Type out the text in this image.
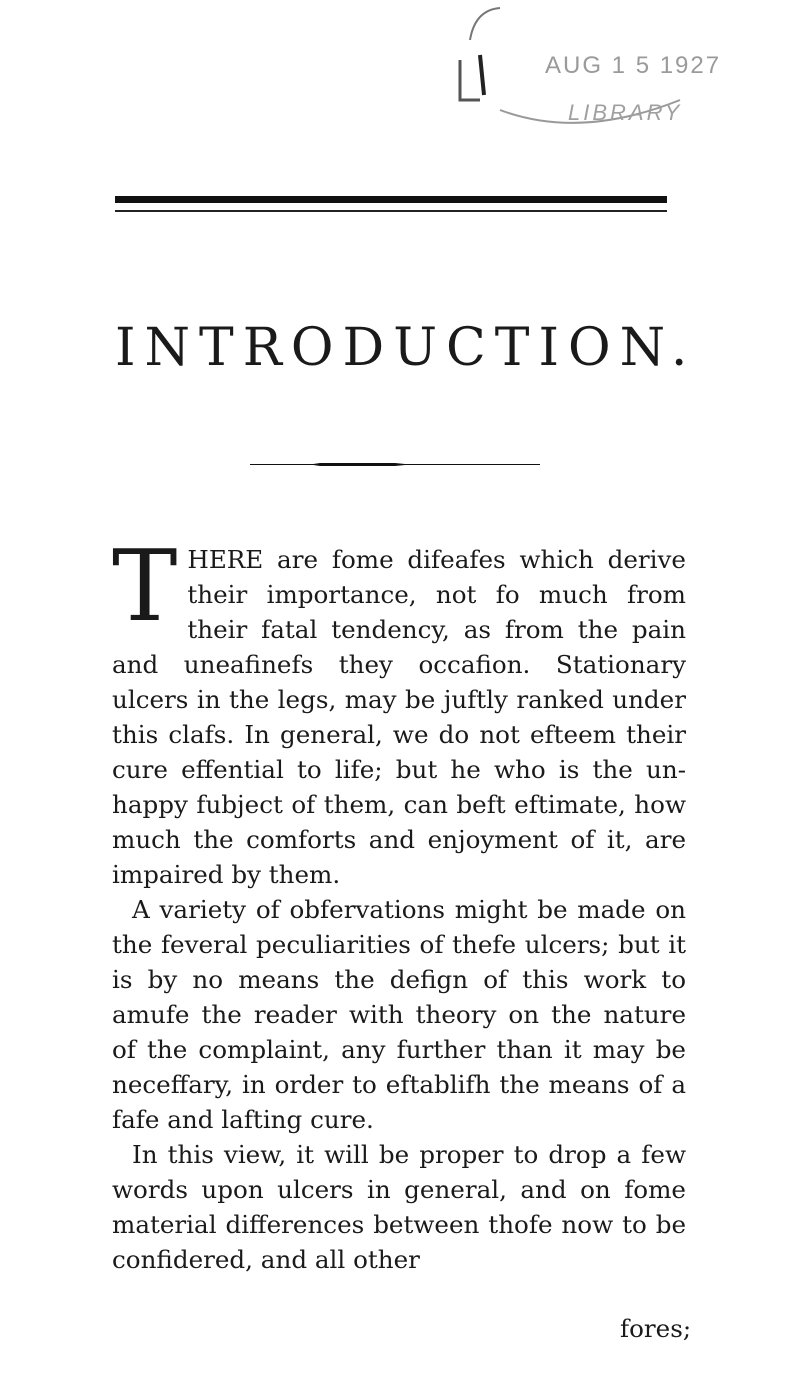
AUG 1 5 1927
LIBRARY
INTRODUCTION.

THERE are fome difeafes which derive their importance, not fo much from their fatal tendency, as from the pain and uneafinefs they occafion. Stationary ulcers in the legs, may be juftly ranked under this clafs. In general, we do not efteem their cure effential to life; but he who is the un-happy fubject of them, can beft eftimate, how much the comforts and enjoyment of it, are impaired by them.

A variety of obfervations might be made on the feveral peculiarities of thefe ulcers; but it is by no means the defign of this work to amufe the reader with theory on the nature of the complaint, any further than it may be neceffary, in order to eftablifh the means of a fafe and lafting cure.

In this view, it will be proper to drop a few words upon ulcers in general, and on fome material differences between thofe now to be confidered, and all other

fores;
